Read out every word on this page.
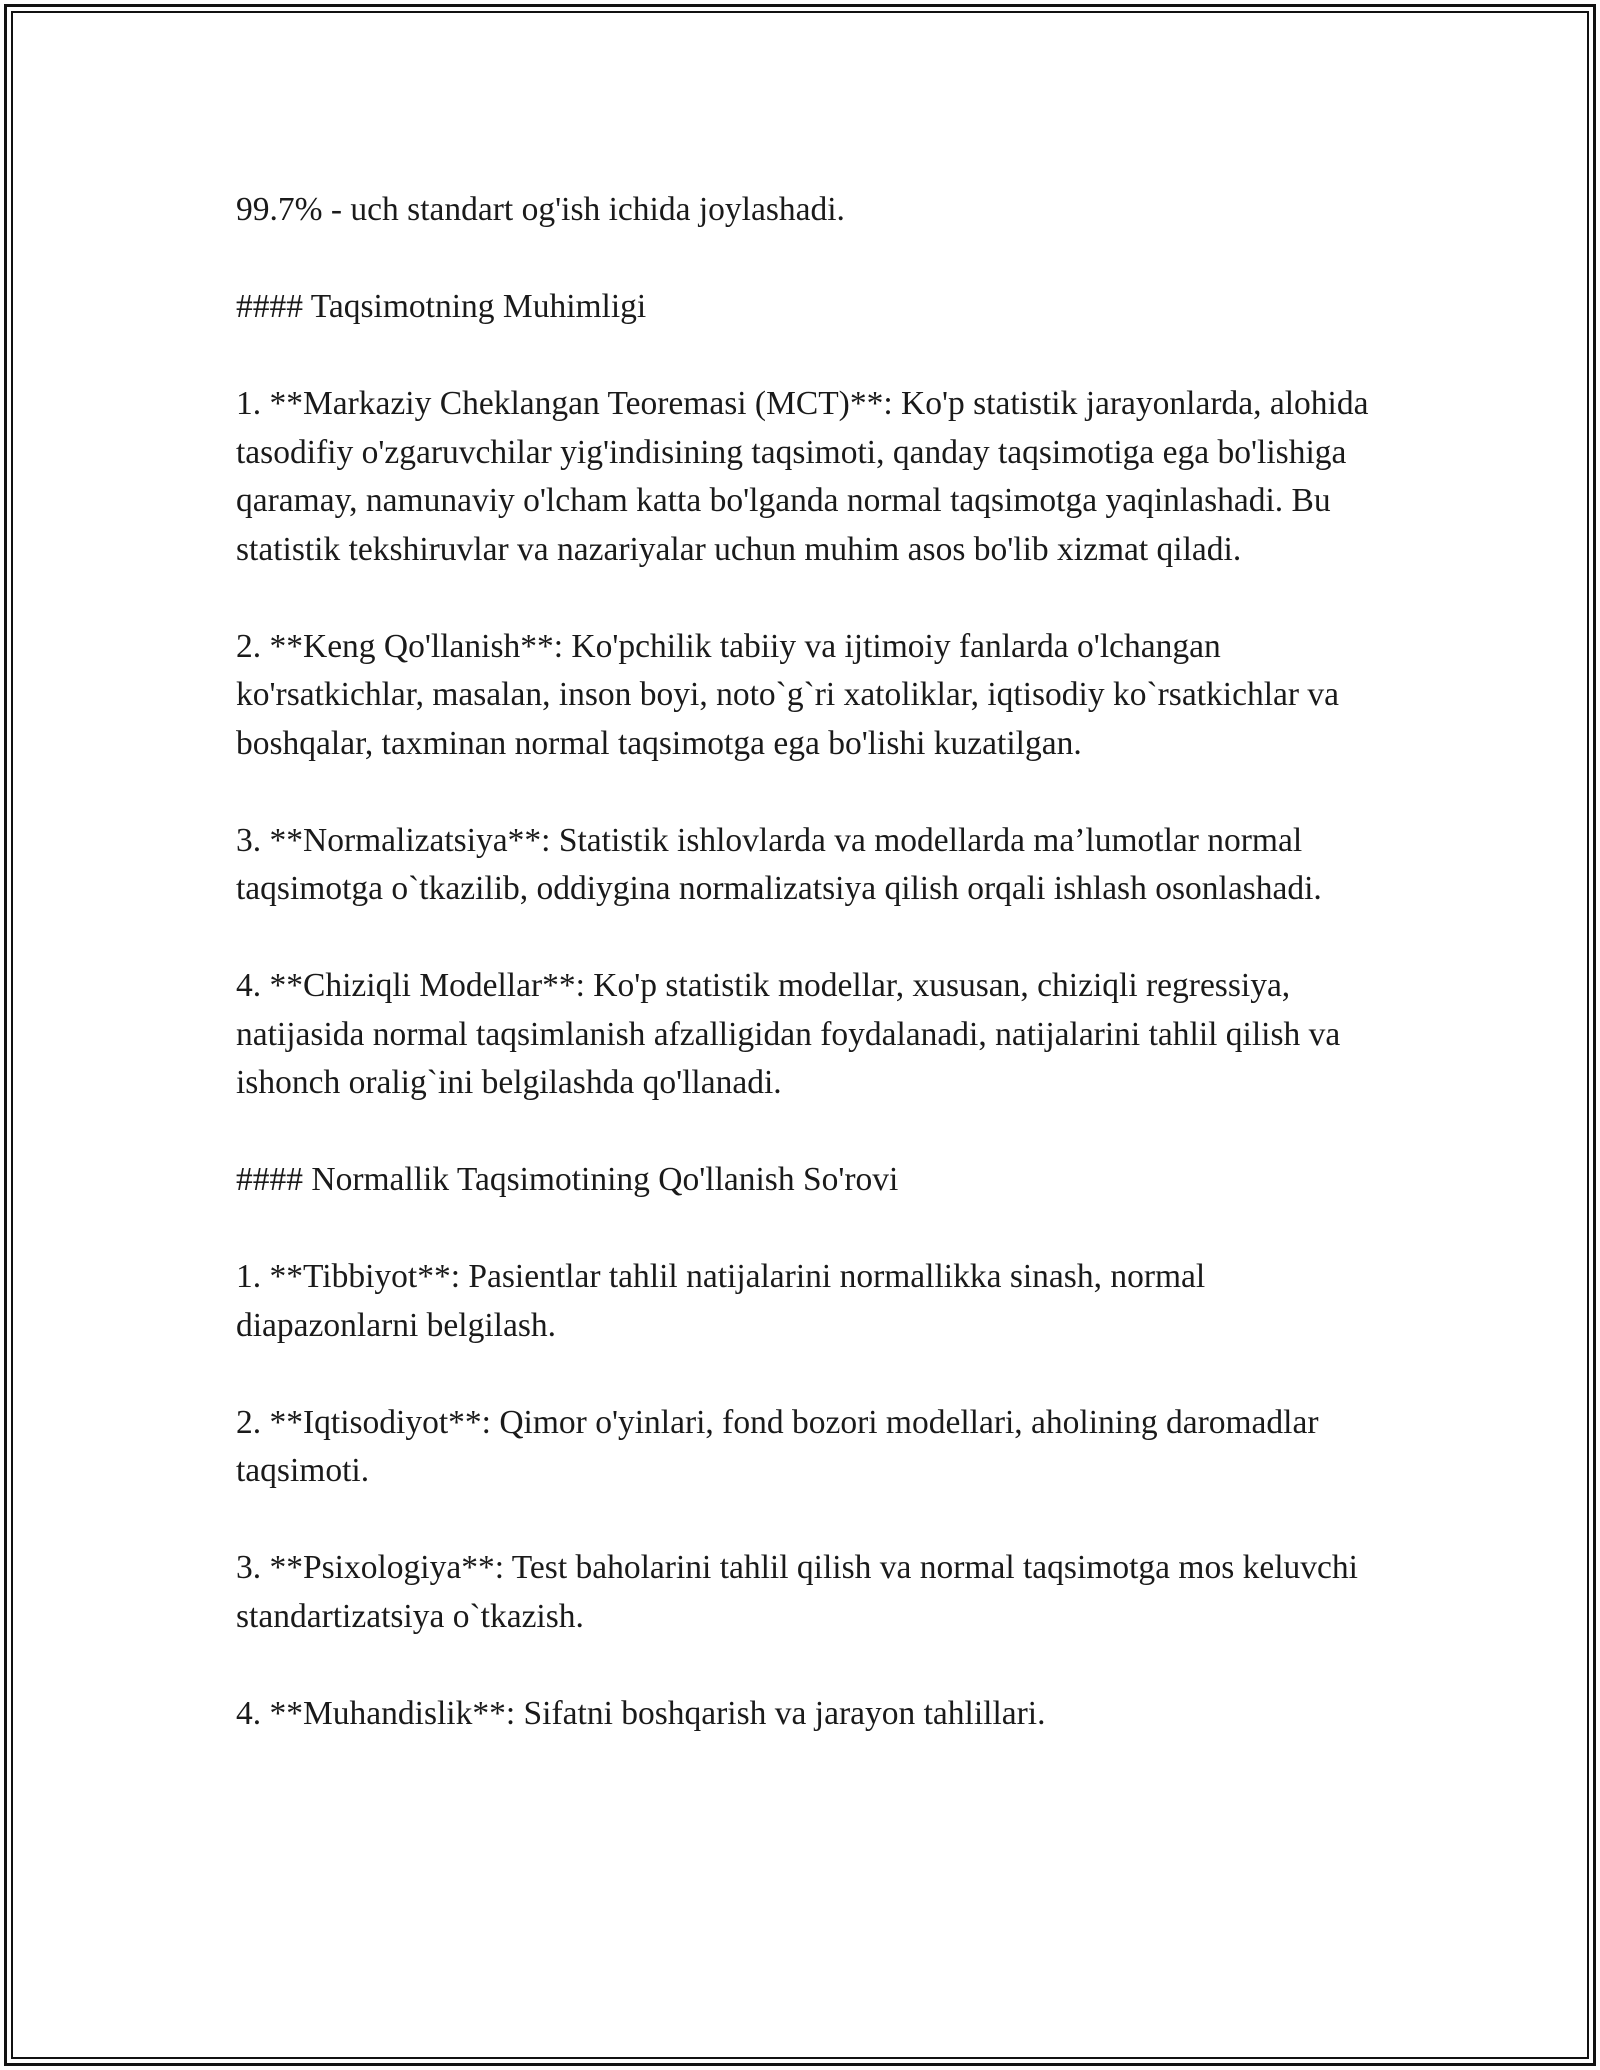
99.7% - uch standart og'ish ichida joylashadi.

#### Taqsimotning Muhimligi

1. **Markaziy Cheklangan Teoremasi (MCT)**: Ko'p statistik jarayonlarda, alohida tasodifiy o'zgaruvchilar yig'indisining taqsimoti, qanday taqsimotiga ega bo'lishiga qaramay, namunaviy o'lcham katta bo'lganda normal taqsimotga yaqinlashadi. Bu statistik tekshiruvlar va nazariyalar uchun muhim asos bo'lib xizmat qiladi.

2. **Keng Qo'llanish**: Ko'pchilik tabiiy va ijtimoiy fanlarda o'lchangan ko'rsatkichlar, masalan, inson boyi, noto`g`ri xatoliklar, iqtisodiy ko`rsatkichlar va boshqalar, taxminan normal taqsimotga ega bo'lishi kuzatilgan.

3. **Normalizatsiya**: Statistik ishlovlarda va modellarda ma’lumotlar normal taqsimotga o`tkazilib, oddiygina normalizatsiya qilish orqali ishlash osonlashadi.

4. **Chiziqli Modellar**: Ko'p statistik modellar, xususan, chiziqli regressiya, natijasida normal taqsimlanish afzalligidan foydalanadi, natijalarini tahlil qilish va ishonch oralig`ini belgilashda qo'llanadi.

#### Normallik Taqsimotining Qo'llanish So'rovi

1. **Tibbiyot**: Pasientlar tahlil natijalarini normallikka sinash, normal diapazonlarni belgilash.

2. **Iqtisodiyot**: Qimor o'yinlari, fond bozori modellari, aholining daromadlar taqsimoti.

3. **Psixologiya**: Test baholarini tahlil qilish va normal taqsimotga mos keluvchi standartizatsiya o`tkazish.

4. **Muhandislik**: Sifatni boshqarish va jarayon tahlillari.
